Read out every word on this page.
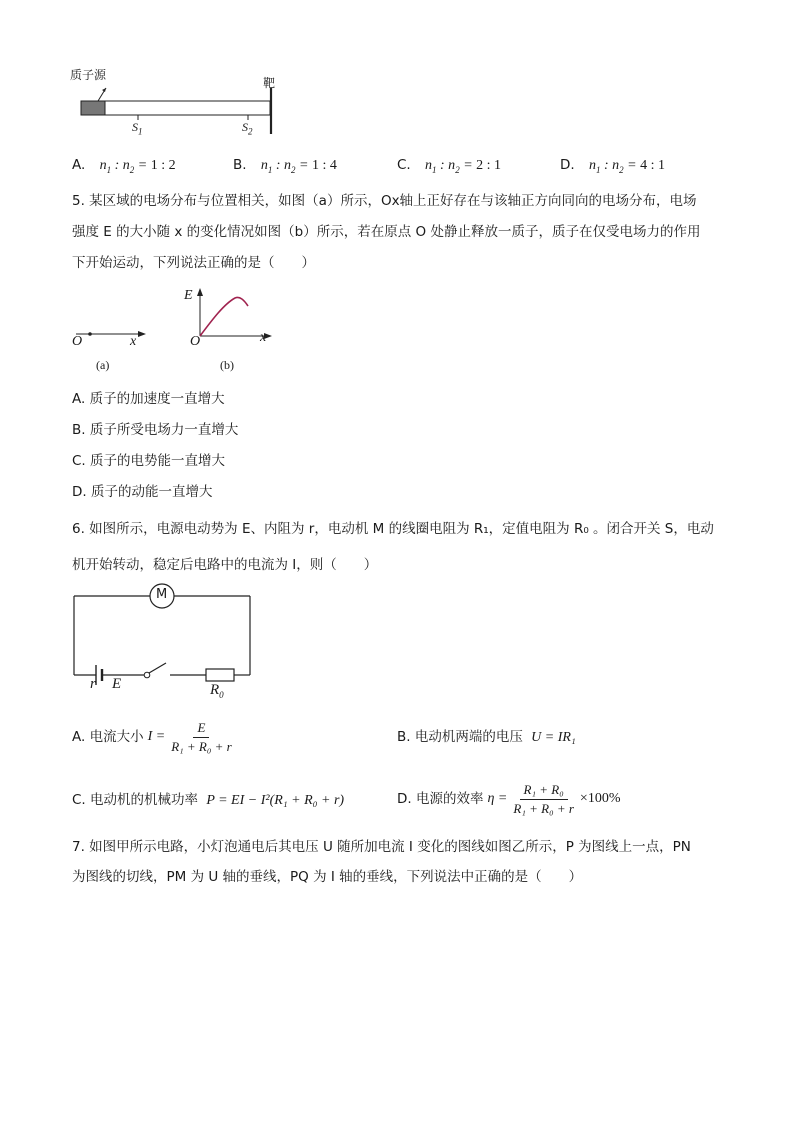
质子源
靶
$S_1$	$S_2$
A. $n_1$ : $n_2 = 1$ : 2	B. $n_1$ : $n_2 = 1$ : 4	C. $n_1$ : $n_2 = 2$ : 1	D. $n_1$ : $n_2 = 4$ : 1
5. 某区域的电场分布与位置相关，如图（a）所示，Ox轴上正好存在与该轴正方向同向的电场分布，电场
强度 E 的大小随 x 的变化情况如图（b）所示，若在原点 O 处静止释放一质子，质子在仅受电场力的作用
下开始运动，下列说法正确的是（　　）
O	x
(a)
E
O	x
(b)
A. 质子的加速度一直增大
B. 质子所受电场力一直增大
C. 质子的电势能一直增大
D. 质子的动能一直增大
6. 如图所示，电源电动势为 E、内阻为 r，电动机 M 的线圈电阻为 R₁，定值电阻为 R₀ 。闭合开关 S，电动
机开始转动，稳定后电路中的电流为 I，则（　　）
M
r E	$R_0$
A. 电流大小 $I = \frac{E}{\text{R₁ + R₀ + r}}$	B. 电动机两端的电压 U = IR₁
C. 电动机的机械功率 P = EI − I²(R₁ + R₀ + r)	D. 电源的效率 $\eta = \frac{\text{R₁ + R₀}}{\text{R₁ + R₀ + r}} \times 100\%$
7. 如图甲所示电路，小灯泡通电后其电压 U 随所加电流 I 变化的图线如图乙所示，P 为图线上一点，PN
为图线的切线，PM 为 U 轴的垂线，PQ 为 I 轴的垂线，下列说法中正确的是（　　）
